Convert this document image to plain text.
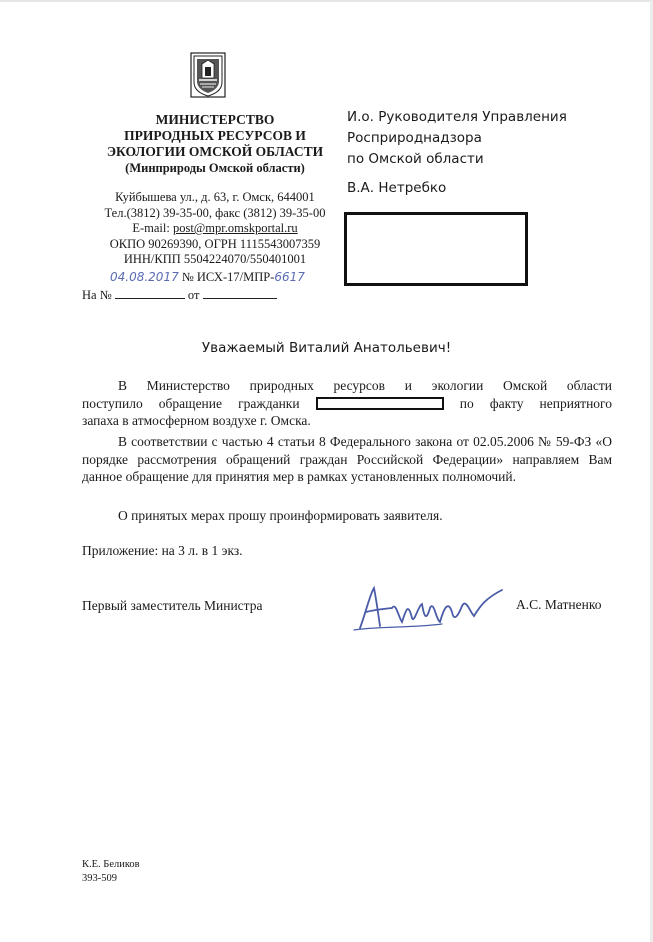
МИНИСТЕРСТВО
ПРИРОДНЫХ РЕСУРСОВ И
ЭКОЛОГИИ ОМСКОЙ ОБЛАСТИ
(Минприроды Омской области)
Куйбышева ул., д. 63, г. Омск, 644001
Тел.(3812) 39-35-00, факс (3812) 39-35-00
E-mail: post@mpr.omskportal.ru
ОКПО 90269390, ОГРН 1115543007359
ИНН/КПП 5504224070/550401001
04.08.2017 № ИСХ-17/МПР-6617
На №	от
И.о. Руководителя Управления
Росприроднадзора
по Омской области
В.А. Нетребко
Уважаемый Виталий Анатольевич!
В Министерство природных ресурсов и экологии Омской области
поступило обращение гражданки	по факту неприятного
запаха в атмосферном воздухе г. Омска.
В соответствии с частью 4 статьи 8 Федерального закона от 02.05.2006 № 59-ФЗ «О порядке рассмотрения обращений граждан Российской Федерации» направляем Вам данное обращение для принятия мер в рамках установленных полномочий.
О принятых мерах прошу проинформировать заявителя.
Приложение: на 3 л. в 1 экз.
Первый заместитель Министра	А.С. Матненко
К.Е. Беликов
393-509
